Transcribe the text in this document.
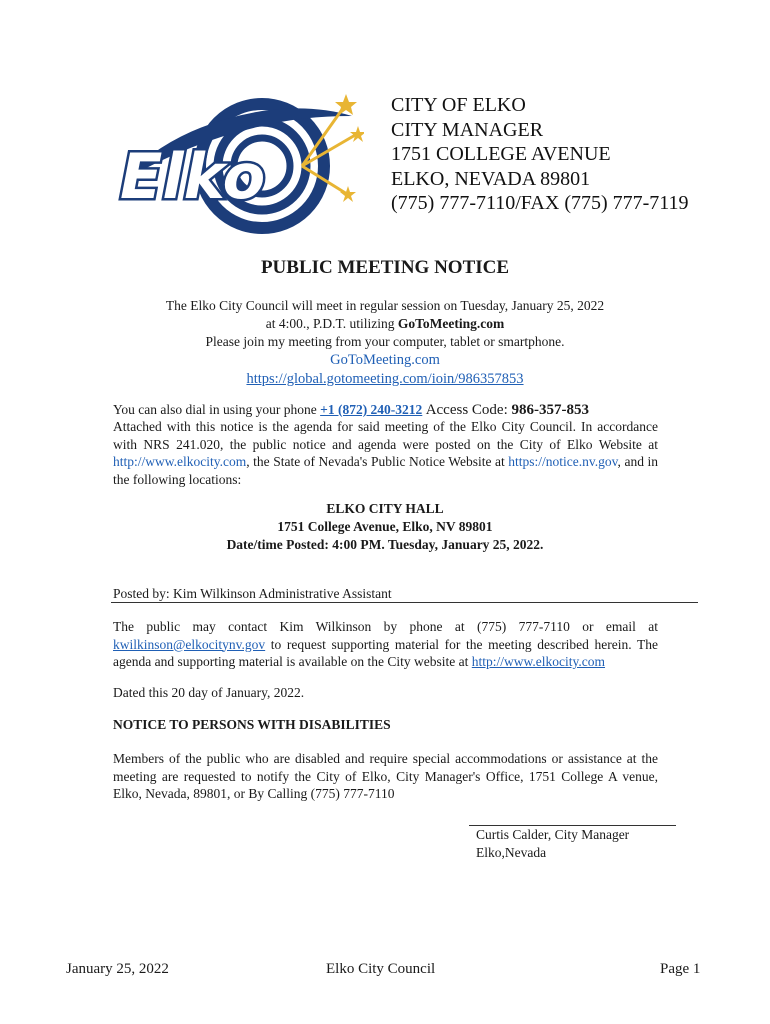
Elko
CITY OF ELKO
CITY MANAGER
1751 COLLEGE AVENUE
ELKO, NEVADA 89801
(775) 777-7110/FAX (775) 777-7119
PUBLIC MEETING NOTICE
The Elko City Council will meet in regular session on Tuesday, January 25, 2022
at 4:00., P.D.T. utilizing GoToMeeting.com
Please join my meeting from your computer, tablet or smartphone.
GoToMeeting.com
https://global.gotomeeting.com/ioin/986357853
You can also dial in using your phone +1 (872) 240-3212 Access Code: 986-357-853
Attached with this notice is the agenda for said meeting of the Elko City Council. In accordance with NRS 241.020, the public notice and agenda were posted on the City of Elko Website at http://www.elkocity.com, the State of Nevada's Public Notice Website at https://notice.nv.gov, and in the following locations:
ELKO CITY HALL
1751 College Avenue, Elko, NV 89801
Date/time Posted: 4:00 PM. Tuesday, January 25, 2022.
Posted by: Kim Wilkinson Administrative Assistant
The public may contact Kim Wilkinson by phone at (775) 777-7110 or email at kwilkinson@elkocitynv.gov to request supporting material for the meeting described herein. The agenda and supporting material is available on the City website at http://www.elkocity.com
Dated this 20 day of January, 2022.
NOTICE TO PERSONS WITH DISABILITIES
Members of the public who are disabled and require special accommodations or assistance at the meeting are requested to notify the City of Elko, City Manager's Office, 1751 College A venue, Elko, Nevada, 89801, or By Calling (775) 777-7110
Curtis Calder, City Manager
Elko,Nevada
January 25, 2022	Elko City Council	Page 1
